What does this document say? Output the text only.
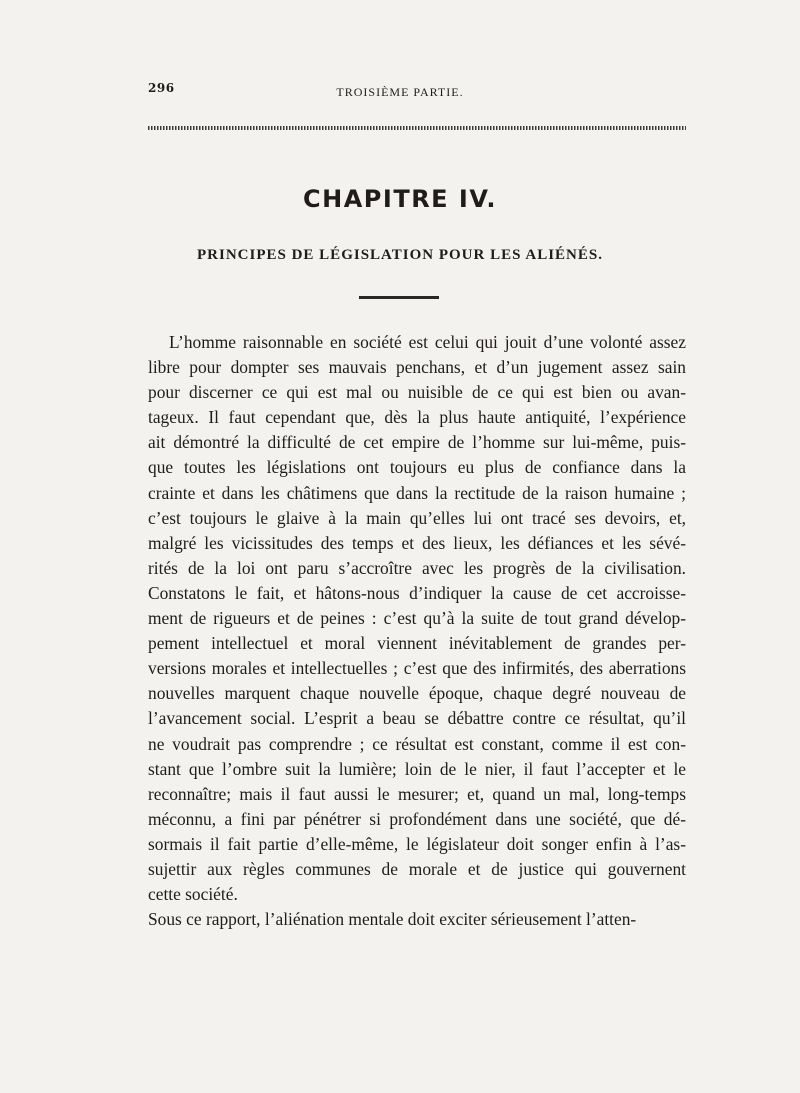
296	TROISIÈME PARTIE.
CHAPITRE IV.
PRINCIPES DE LÉGISLATION POUR LES ALIÉNÉS.
L’homme raisonnable en société est celui qui jouit d’une volonté assez
libre pour dompter ses mauvais penchans, et d’un jugement assez sain
pour discerner ce qui est mal ou nuisible de ce qui est bien ou avan-
tageux. Il faut cependant que, dès la plus haute antiquité, l’expérience
ait démontré la difficulté de cet empire de l’homme sur lui-même, puis-
que toutes les législations ont toujours eu plus de confiance dans la
crainte et dans les châtimens que dans la rectitude de la raison humaine ;
c’est toujours le glaive à la main qu’elles lui ont tracé ses devoirs, et,
malgré les vicissitudes des temps et des lieux, les défiances et les sévé-
rités de la loi ont paru s’accroître avec les progrès de la civilisation.
Constatons le fait, et hâtons-nous d’indiquer la cause de cet accroisse-
ment de rigueurs et de peines : c’est qu’à la suite de tout grand dévelop-
pement intellectuel et moral viennent inévitablement de grandes per-
versions morales et intellectuelles ; c’est que des infirmités, des aberrations
nouvelles marquent chaque nouvelle époque, chaque degré nouveau de
l’avancement social. L’esprit a beau se débattre contre ce résultat, qu’il
ne voudrait pas comprendre ; ce résultat est constant, comme il est con-
stant que l’ombre suit la lumière; loin de le nier, il faut l’accepter et le
reconnaître; mais il faut aussi le mesurer; et, quand un mal, long-temps
méconnu, a fini par pénétrer si profondément dans une société, que dé-
sormais il fait partie d’elle-même, le législateur doit songer enfin à l’as-
sujettir aux règles communes de morale et de justice qui gouvernent
cette société.
Sous ce rapport, l’aliénation mentale doit exciter sérieusement l’atten-
